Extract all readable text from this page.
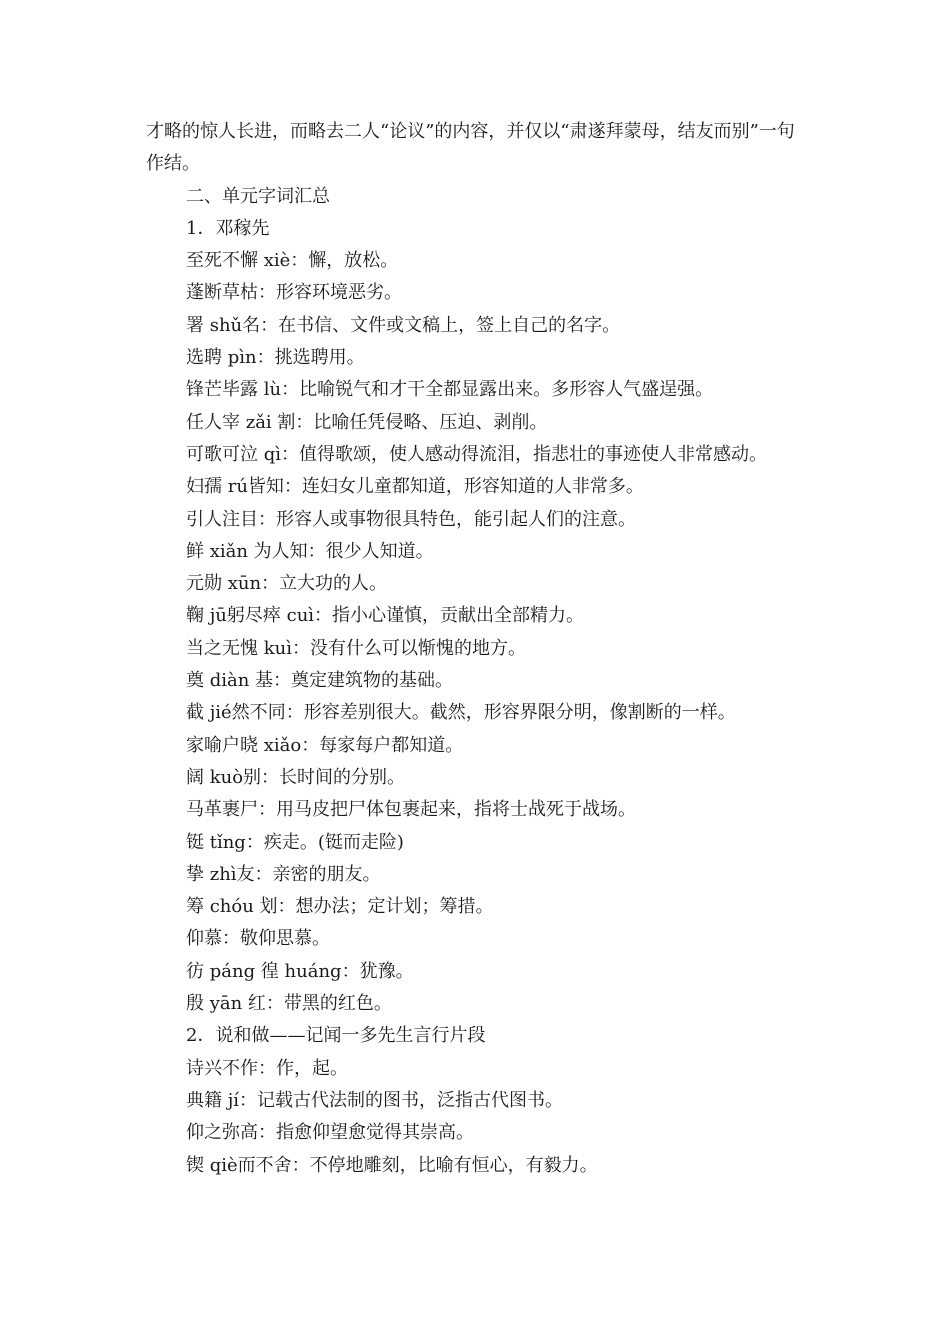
才略的惊人长进，而略去二人“论议”的内容，并仅以“肃遂拜蒙母，结友而别”一句作结。

二、单元字词汇总

1．邓稼先

至死不懈 xiè：懈，放松。

蓬断草枯：形容环境恶劣。

署 shǔ名：在书信、文件或文稿上，签上自己的名字。

选聘 pìn：挑选聘用。

锋芒毕露 lù：比喻锐气和才干全都显露出来。多形容人气盛逞强。

任人宰 zǎi 割：比喻任凭侵略、压迫、剥削。

可歌可泣 qì：值得歌颂，使人感动得流泪，指悲壮的事迹使人非常感动。

妇孺 rú皆知：连妇女儿童都知道，形容知道的人非常多。

引人注目：形容人或事物很具特色，能引起人们的注意。

鲜 xiǎn 为人知：很少人知道。

元勋 xūn：立大功的人。

鞠 jū躬尽瘁 cuì：指小心谨慎，贡献出全部精力。

当之无愧 kuì：没有什么可以惭愧的地方。

奠 diàn 基：奠定建筑物的基础。

截 jié然不同：形容差别很大。截然，形容界限分明，像割断的一样。

家喻户晓 xiǎo：每家每户都知道。

阔 kuò别：长时间的分别。

马革裹尸：用马皮把尸体包裹起来，指将士战死于战场。

铤 tǐng：疾走。(铤而走险)

挚 zhì友：亲密的朋友。

筹 chóu 划：想办法；定计划；筹措。

仰慕：敬仰思慕。

彷 páng 徨 huáng：犹豫。

殷 yān 红：带黑的红色。

2．说和做——记闻一多先生言行片段

诗兴不作：作，起。

典籍 jí：记载古代法制的图书，泛指古代图书。

仰之弥高：指愈仰望愈觉得其崇高。

锲 qiè而不舍：不停地雕刻，比喻有恒心，有毅力。
